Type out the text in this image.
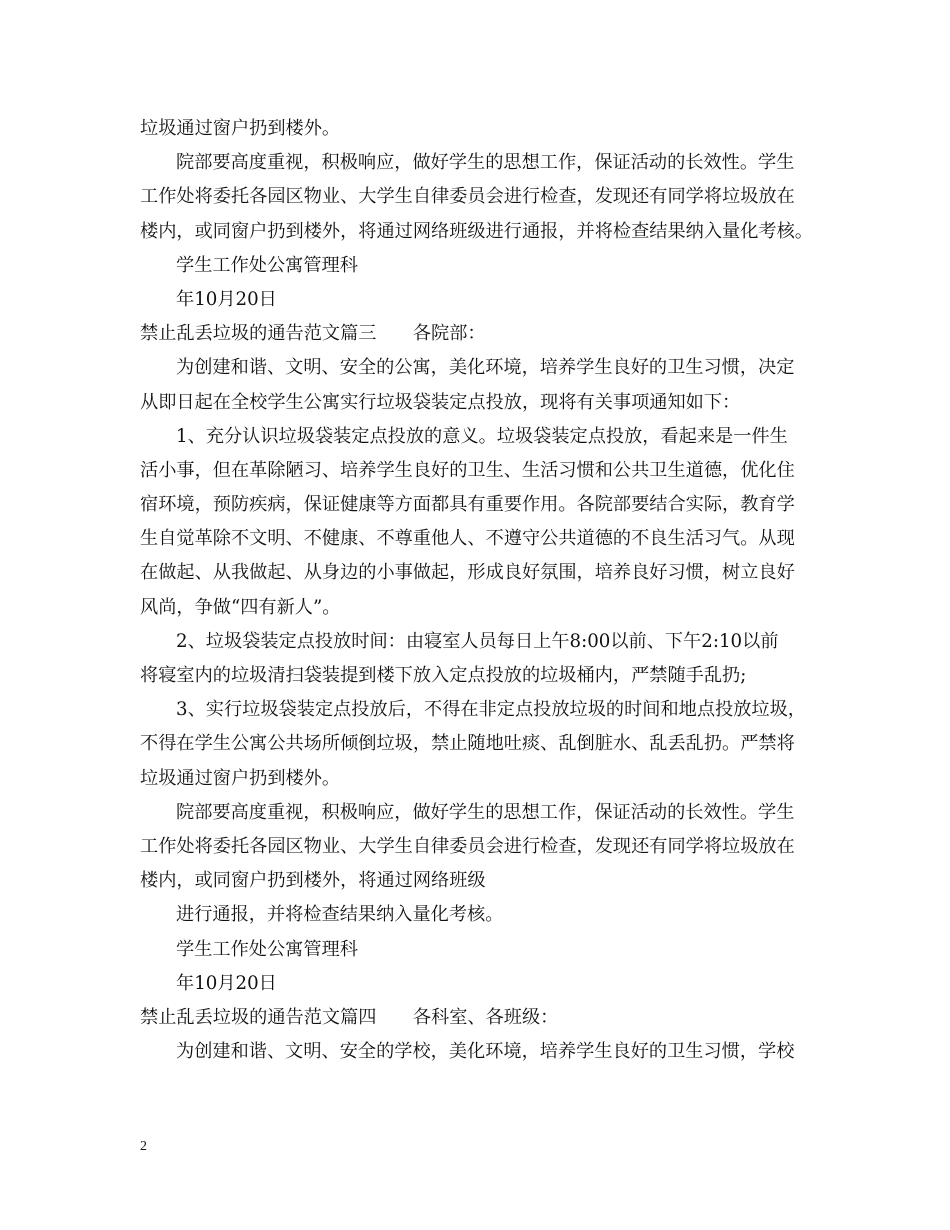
垃圾通过窗户扔到楼外。
院部要高度重视，积极响应，做好学生的思想工作，保证活动的长效性。学生
工作处将委托各园区物业、大学生自律委员会进行检查，发现还有同学将垃圾放在
楼内，或同窗户扔到楼外，将通过网络班级进行通报，并将检查结果纳入量化考核。
学生工作处公寓管理科
年10月20日
禁止乱丢垃圾的通告范文篇三　　各院部：
为创建和谐、文明、安全的公寓，美化环境，培养学生良好的卫生习惯，决定
从即日起在全校学生公寓实行垃圾袋装定点投放，现将有关事项通知如下：
1、充分认识垃圾袋装定点投放的意义。垃圾袋装定点投放，看起来是一件生
活小事，但在革除陋习、培养学生良好的卫生、生活习惯和公共卫生道德，优化住
宿环境，预防疾病，保证健康等方面都具有重要作用。各院部要结合实际，教育学
生自觉革除不文明、不健康、不尊重他人、不遵守公共道德的不良生活习气。从现
在做起、从我做起、从身边的小事做起，形成良好氛围，培养良好习惯，树立良好
风尚，争做“四有新人”。
2、垃圾袋装定点投放时间：由寝室人员每日上午8:00以前、下午2:10以前
将寝室内的垃圾清扫袋装提到楼下放入定点投放的垃圾桶内，严禁随手乱扔;
3、实行垃圾袋装定点投放后，不得在非定点投放垃圾的时间和地点投放垃圾，
不得在学生公寓公共场所倾倒垃圾，禁止随地吐痰、乱倒脏水、乱丢乱扔。严禁将
垃圾通过窗户扔到楼外。
院部要高度重视，积极响应，做好学生的思想工作，保证活动的长效性。学生
工作处将委托各园区物业、大学生自律委员会进行检查，发现还有同学将垃圾放在
楼内，或同窗户扔到楼外，将通过网络班级
进行通报，并将检查结果纳入量化考核。
学生工作处公寓管理科
年10月20日
禁止乱丢垃圾的通告范文篇四　　各科室、各班级：
为创建和谐、文明、安全的学校，美化环境，培养学生良好的卫生习惯，学校
2
